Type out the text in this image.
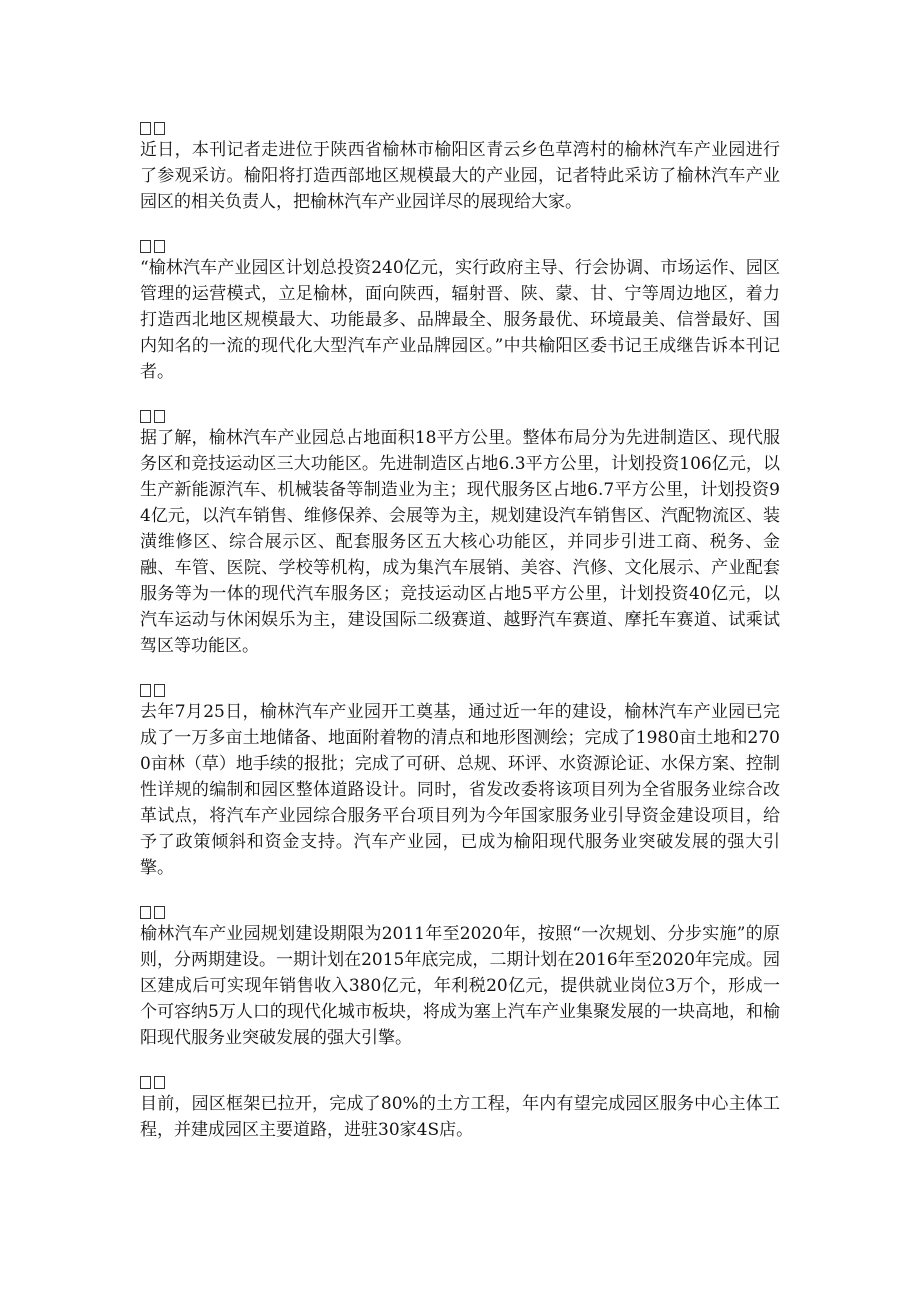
近日，本刊记者走进位于陕西省榆林市榆阳区青云乡色草湾村的榆林汽车产业园进行了参观采访。榆阳将打造西部地区规模最大的产业园，记者特此采访了榆林汽车产业园区的相关负责人，把榆林汽车产业园详尽的展现给大家。
“榆林汽车产业园区计划总投资240亿元，实行政府主导、行会协调、市场运作、园区管理的运营模式，立足榆林，面向陕西，辐射晋、陕、蒙、甘、宁等周边地区，着力打造西北地区规模最大、功能最多、品牌最全、服务最优、环境最美、信誉最好、国内知名的一流的现代化大型汽车产业品牌园区。”中共榆阳区委书记王成继告诉本刊记者。
据了解，榆林汽车产业园总占地面积18平方公里。整体布局分为先进制造区、现代服务区和竞技运动区三大功能区。先进制造区占地6.3平方公里，计划投资106亿元，以生产新能源汽车、机械装备等制造业为主；现代服务区占地6.7平方公里，计划投资94亿元，以汽车销售、维修保养、会展等为主，规划建设汽车销售区、汽配物流区、装潢维修区、综合展示区、配套服务区五大核心功能区，并同步引进工商、税务、金融、车管、医院、学校等机构，成为集汽车展销、美容、汽修、文化展示、产业配套服务等为一体的现代汽车服务区；竞技运动区占地5平方公里，计划投资40亿元，以汽车运动与休闲娱乐为主，建设国际二级赛道、越野汽车赛道、摩托车赛道、试乘试驾区等功能区。
去年7月25日，榆林汽车产业园开工奠基，通过近一年的建设，榆林汽车产业园已完成了一万多亩土地储备、地面附着物的清点和地形图测绘；完成了1980亩土地和2700亩林（草）地手续的报批；完成了可研、总规、环评、水资源论证、水保方案、控制性详规的编制和园区整体道路设计。同时，省发改委将该项目列为全省服务业综合改革试点，将汽车产业园综合服务平台项目列为今年国家服务业引导资金建设项目，给予了政策倾斜和资金支持。汽车产业园，已成为榆阳现代服务业突破发展的强大引擎。
榆林汽车产业园规划建设期限为2011年至2020年，按照“一次规划、分步实施”的原则，分两期建设。一期计划在2015年底完成，二期计划在2016年至2020年完成。园区建成后可实现年销售收入380亿元，年利税20亿元，提供就业岗位3万个，形成一个可容纳5万人口的现代化城市板块，将成为塞上汽车产业集聚发展的一块高地，和榆阳现代服务业突破发展的强大引擎。
目前，园区框架已拉开，完成了80%的土方工程，年内有望完成园区服务中心主体工程，并建成园区主要道路，进驻30家4S店。
